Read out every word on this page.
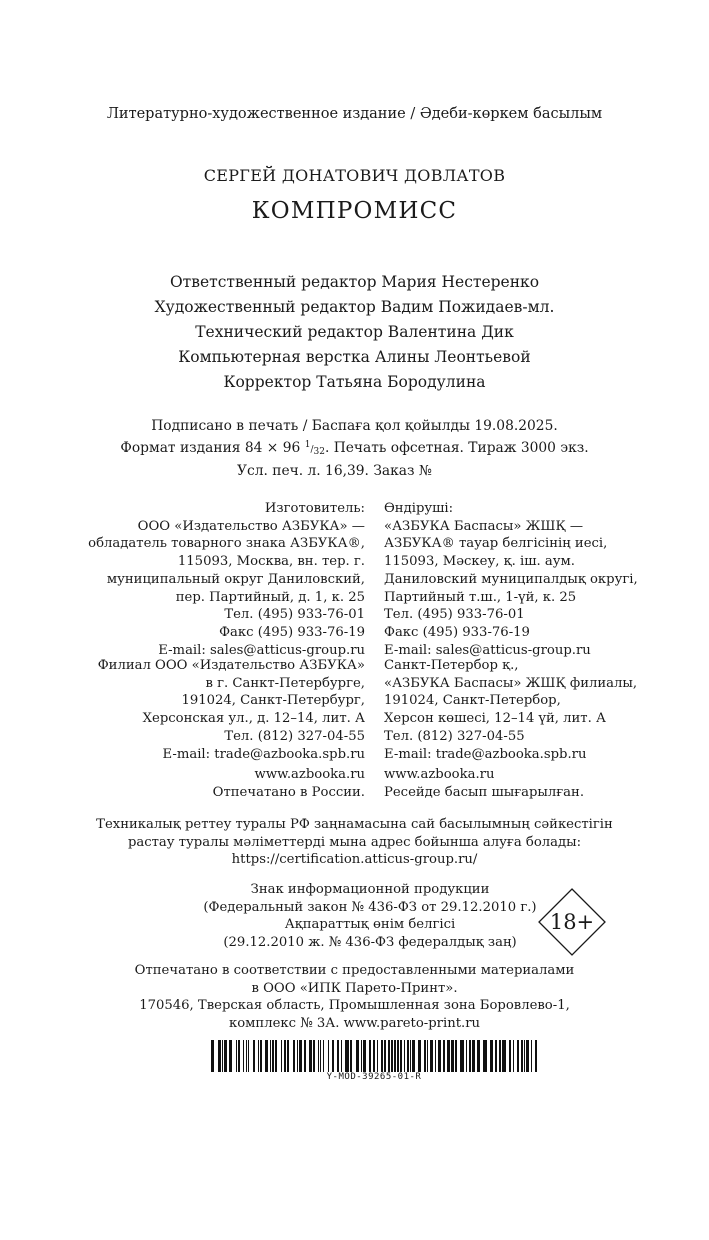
Литературно-художественное издание / Әдеби-көркем басылым
СЕРГЕЙ ДОНАТОВИЧ ДОВЛАТОВ
КОМПРОМИСС
Ответственный редактор Мария Нестеренко
Художественный редактор Вадим Пожидаев-мл.
Технический редактор Валентина Дик
Компьютерная верстка Алины Леонтьевой
Корректор Татьяна Бородулина
Подписано в печать / Баспаға қол қойылды 19.08.2025.
Формат издания 84 × 96 $^1/_{32}$. Печать офсетная. Тираж 3000 экз.
Усл. печ. л. 16,39. Заказ №
Изготовитель:
ООО «Издательство АЗБУКА» —
обладатель товарного знака АЗБУКА®,
115093, Москва, вн. тер. г.
муниципальный округ Даниловский,
пер. Партийный, д. 1, к. 25
Тел. (495) 933-76-01
Факс (495) 933-76-19
E-mail: sales@atticus-group.ru
Өндіруші:
«АЗБУКА Баспасы» ЖШҚ —
АЗБУКА® тауар белгісінің иесі,
115093, Мәскеу, қ. іш. аум.
Даниловский муниципалдық округі,
Партийный т.ш., 1-үй, к. 25
Тел. (495) 933-76-01
Факс (495) 933-76-19
E-mail: sales@atticus-group.ru
Филиал ООО «Издательство АЗБУКА»
в г. Санкт-Петербурге,
191024, Санкт-Петербург,
Херсонская ул., д. 12–14, лит. А
Тел. (812) 327-04-55
E-mail: trade@azbooka.spb.ru
Санкт-Петербор қ.,
«АЗБУКА Баспасы» ЖШҚ филиалы,
191024, Санкт-Петербор,
Херсон көшесі, 12–14 үй, лит. А
Тел. (812) 327-04-55
E-mail: trade@azbooka.spb.ru
www.azbooka.ru
Отпечатано в России.
www.azbooka.ru
Ресейде басып шығарылған.
Техникалық реттеу туралы РФ заңнамасына сай басылымның сәйкестігін
растау туралы мәліметтерді мына адрес бойынша алуға болады:
https://certification.atticus-group.ru/
Знак информационной продукции
(Федеральный закон № 436-ФЗ от 29.12.2010 г.)
Ақпараттық өнім белгісі
(29.12.2010 ж. № 436-ФЗ федералдық заң)
18+
Отпечатано в соответствии с предоставленными материалами
в ООО «ИПК Парето-Принт».
170546, Тверская область, Промышленная зона Боровлево-1,
комплекс № 3А. www.pareto-print.ru
Y-MOD-39265-01-R
